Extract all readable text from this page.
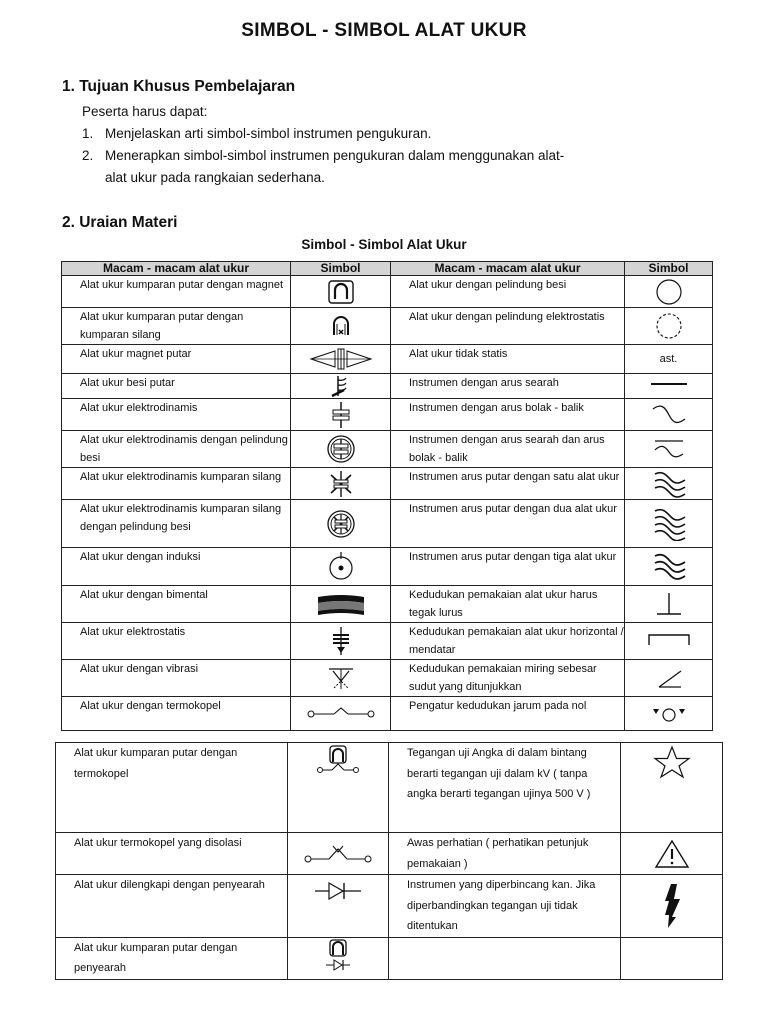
SIMBOL - SIMBOL ALAT UKUR
1. Tujuan Khusus Pembelajaran
Peserta harus dapat:
1. Menjelaskan arti simbol-simbol instrumen pengukuran.
2. Menerapkan simbol-simbol instrumen pengukuran dalam menggunakan alat-
alat ukur pada rangkaian sederhana.
2. Uraian Materi
Simbol - Simbol Alat Ukur
Macam - macam alat ukur	Simbol	Macam - macam alat ukur	Simbol
Alat ukur kumparan putar dengan magnet		Alat ukur dengan pelindung besi	

Alat ukur kumparan putar dengan kumparan silang		Alat ukur dengan pelindung elektrostatis	

Alat ukur magnet putar		Alat ukur tidak statis	ast.
Alat ukur besi putar		Instrumen dengan arus searah	

Alat ukur elektrodinamis		Instrumen dengan arus bolak - balik	

Alat ukur elektrodinamis dengan pelindung besi		Instrumen dengan arus searah dan arus bolak - balik	

Alat ukur elektrodinamis kumparan silang		Instrumen arus putar dengan satu alat ukur	

Alat ukur elektrodinamis kumparan silang dengan pelindung besi		Instrumen arus putar dengan dua alat ukur	

Alat ukur dengan induksi		Instrumen arus putar dengan tiga alat ukur	

Alat ukur dengan bimental		Kedudukan pemakaian alat ukur harus tegak lurus	

Alat ukur elektrostatis		Kedudukan pemakaian alat ukur horizontal / mendatar	

Alat ukur dengan vibrasi		Kedudukan pemakaian miring sebesar sudut yang ditunjukkan	

Alat ukur dengan termokopel		Pengatur kedudukan jarum pada nol	
Alat ukur kumparan putar dengan termokopel		Tegangan uji Angka di dalam bintang berarti tegangan uji dalam kV ( tanpa angka berarti tegangan ujinya 500 V )	

Alat ukur termokopel yang disolasi		Awas perhatian ( perhatikan petunjuk pemakaian )	

Alat ukur dilengkapi dengan penyearah		Instrumen yang diperbincang kan. Jika diperbandingkan tegangan uji tidak ditentukan	

Alat ukur kumparan putar dengan penyearah	
